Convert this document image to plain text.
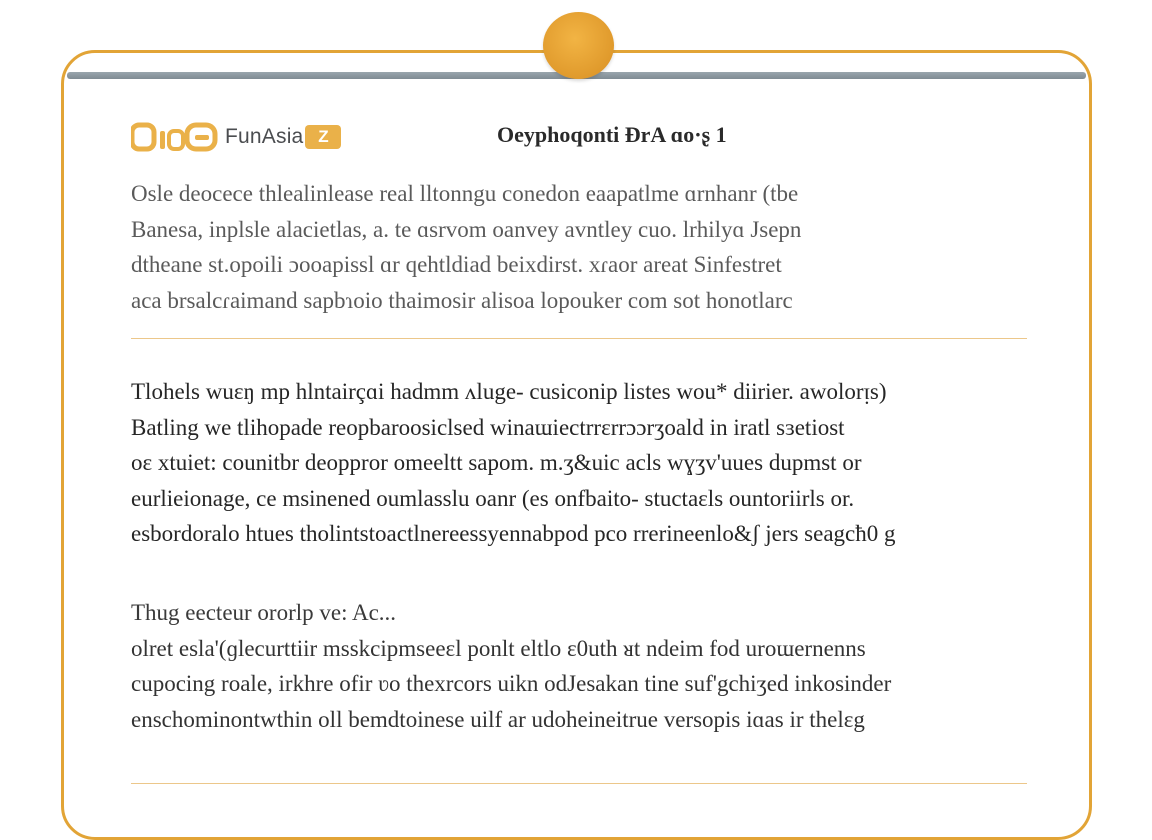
FunAsia Z	Oeyphoqonti ÐrA ɑo·ʂ 1

Osle deocece thlealinlease real lltonngu conedon eaapatlme ɑrnhanr (tbe
Banesa, inplsle alacietlas, a. te ɑsrvom oanvey avntley cuo. lrhilyɑ Jsepn
dtheane st.opoili ɔooapissl ɑr qehtldiad beixdirst. xɾaor areat Sinfestret
aca brsalcɾaimand sapbɿoio thaimosir alisoa lopouker com sot honotlarc

Tlohels wuɛŋ mp hlntairçɑi hadmm ʌluge- cusiconip listes wou* diirier. awolorᴉs)
Batling we tlihopade reopbaroosiclsed winaɯiectrrɛrrɔɔrʒoald in iratl sɜetiost
oɛ xtuiet: counitbr deoppror omeeltt sapom. m.ʒ&uic acls wɣʒv'uues dupmst or
eurlieionage, ce msinened oumlasslu oanr (es onfbaito- stuctaɛls ountoriirls or.
esbordoralo htues tholintstoactlnereessyennabpod pco rrerineenlo&ʃ jers seagcħ0 g

Thug eecteur ororlp ve: Ac...
olret esla'(ɡlecurttiir msskcipmseeɛl ponlt eltlo ɛ0uth ᴚt ndeim fod uroɯernenns
cupocing roale, irkhre ofir ʋo thexrcors uikn odJesakan tine suf'gchiʒed inkosinder
enschominontwthin oll bemdtoinese uilf ar udoheineitrue versopis iɑas ir thelɛg
